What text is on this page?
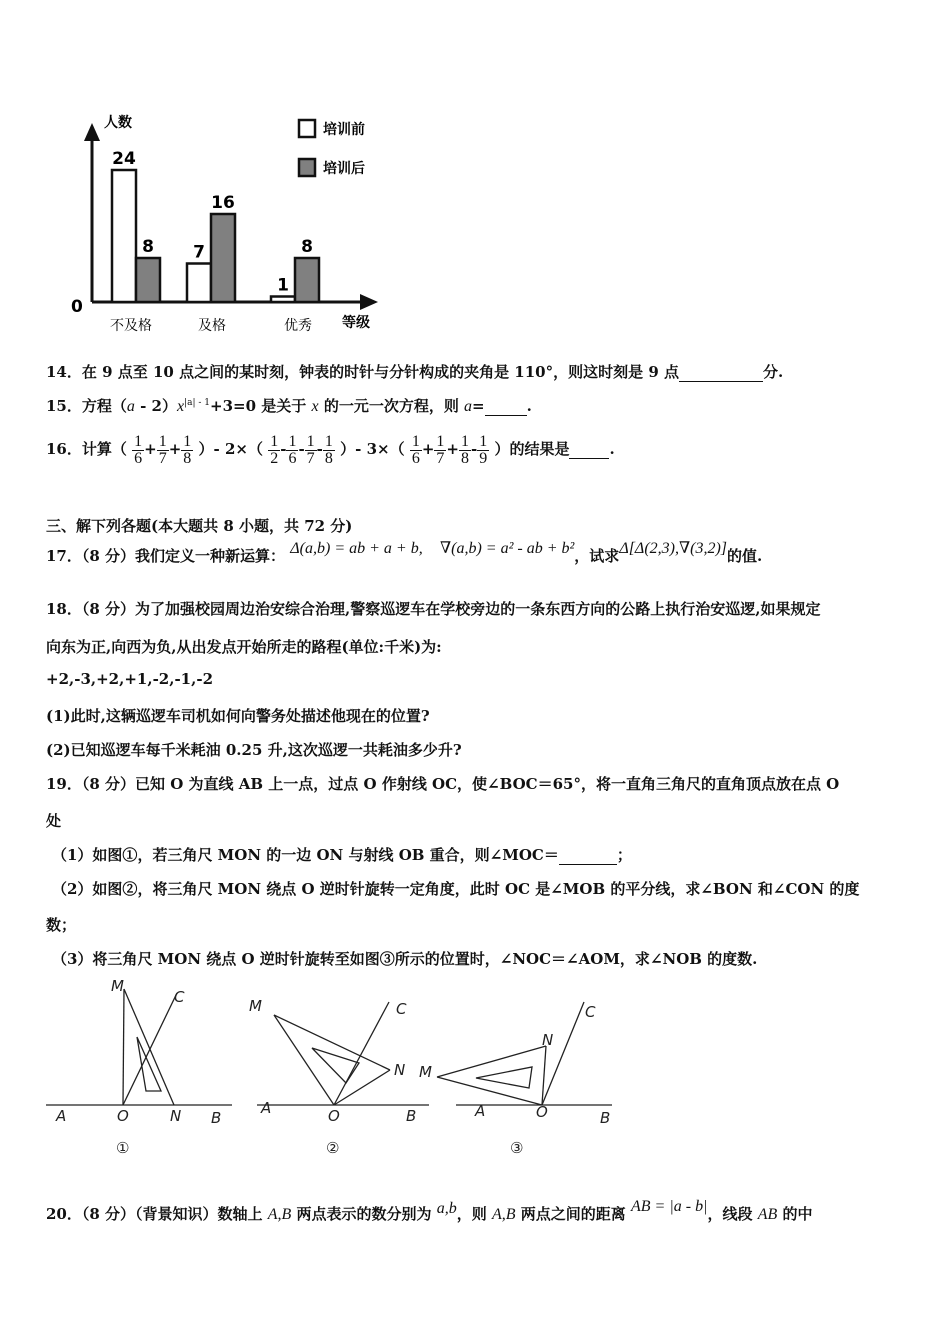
人数
等级
0
培训前
培训后
24
7
1
8
16
8
不及格	及格	优秀
14．在 9 点至 10 点之间的某时刻，钟表的时针与分针构成的夹角是 110°，则这时刻是 9 点	分.
15．方程$(a - 2)x^{|a| - 1}+3=0$ 是关于 x 的一元一次方程，则 a=	.
16．计算（ $\frac{1}{6} + \frac{1}{7} + \frac{1}{8}$ ）- $2\times( \frac{1}{2} - \frac{1}{6} - \frac{1}{7} - \frac{1}{8}$ ）- $3\times( \frac{1}{6} + \frac{1}{7} + \frac{1}{8} - \frac{1}{9}$ ）的结果是	.
三、解下列各题(本大题共 8 小题，共 72 分)
17．（8 分）我们定义一种新运算： Δ(a,b) = ab + a + b, ∇(a,b) = a² - ab + b²，试求Δ[Δ(2,3),∇(3,2)]的值.
18．（8 分）为了加强校园周边治安综合治理,警察巡逻车在学校旁边的一条东西方向的公路上执行治安巡逻,如果规定
向东为正,向西为负,从出发点开始所走的路程(单位:千米)为:
+2,-3,+2,+1,-2,-1,-2
(1)此时,这辆巡逻车司机如何向警务处描述他现在的位置?
(2)已知巡逻车每千米耗油 0.25 升,这次巡逻一共耗油多少升?
19．（8 分）已知 O 为直线 AB 上一点，过点 O 作射线 OC，使∠BOC＝65°，将一直角三角尺的直角顶点放在点 O
处
（1）如图①，若三角尺 MON 的一边 ON 与射线 OB 重合，则∠MOC＝	；
（2）如图②，将三角尺 MON 绕点 O 逆时针旋转一定角度，此时 OC 是∠MOB 的平分线，求∠BON 和∠CON 的度
数；
（3）将三角尺 MON 绕点 O 逆时针旋转至如图③所示的位置时，∠NOC＝∠AOM，求∠NOB 的度数.
A	O	N B
M
C
①
A	O	B
M	C
N
②
A	O	B
M
C
N
③
20．（8 分）（背景知识）数轴上 A,B 两点表示的数分别为 a,b，则 A,B 两点之间的距离 AB = |a - b|，线段 AB 的中
